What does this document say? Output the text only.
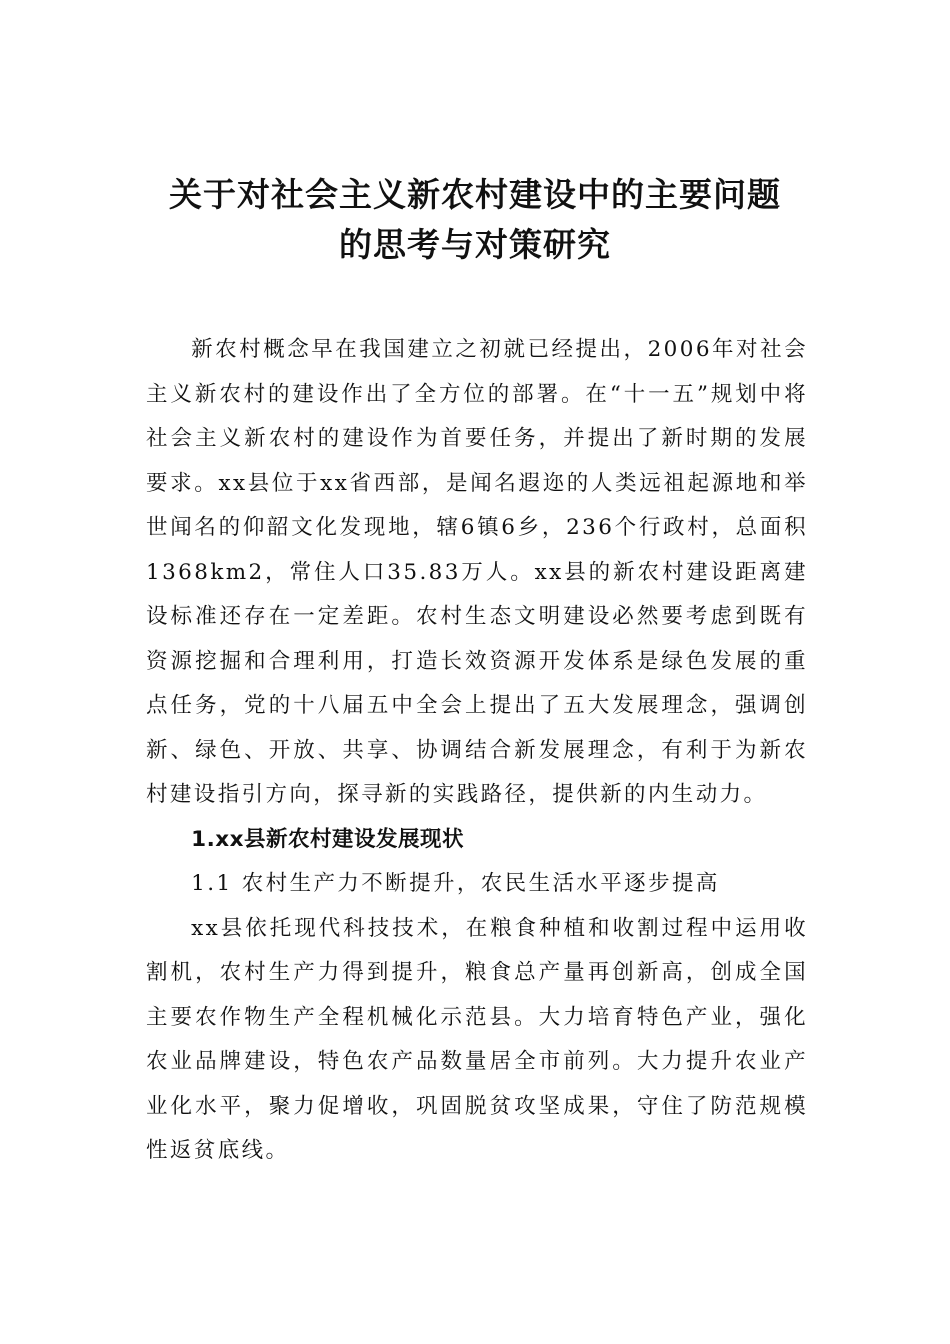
关于对社会主义新农村建设中的主要问题
的思考与对策研究

新农村概念早在我国建立之初就已经提出，2006年对社会主义新农村的建设作出了全方位的部署。在“十一五”规划中将社会主义新农村的建设作为首要任务，并提出了新时期的发展要求。xx县位于xx省西部，是闻名遐迩的人类远祖起源地和举世闻名的仰韶文化发现地，辖6镇6乡，236个行政村，总面积1368km2，常住人口35.83万人。xx县的新农村建设距离建设标准还存在一定差距。农村生态文明建设必然要考虑到既有资源挖掘和合理利用，打造长效资源开发体系是绿色发展的重点任务，党的十八届五中全会上提出了五大发展理念，强调创新、绿色、开放、共享、协调结合新发展理念，有利于为新农村建设指引方向，探寻新的实践路径，提供新的内生动力。

1.xx县新农村建设发展现状

1.1 农村生产力不断提升，农民生活水平逐步提高

xx县依托现代科技技术，在粮食种植和收割过程中运用收割机，农村生产力得到提升，粮食总产量再创新高，创成全国主要农作物生产全程机械化示范县。大力培育特色产业，强化农业品牌建设，特色农产品数量居全市前列。大力提升农业产业化水平，聚力促增收，巩固脱贫攻坚成果，守住了防范规模性返贫底线。
